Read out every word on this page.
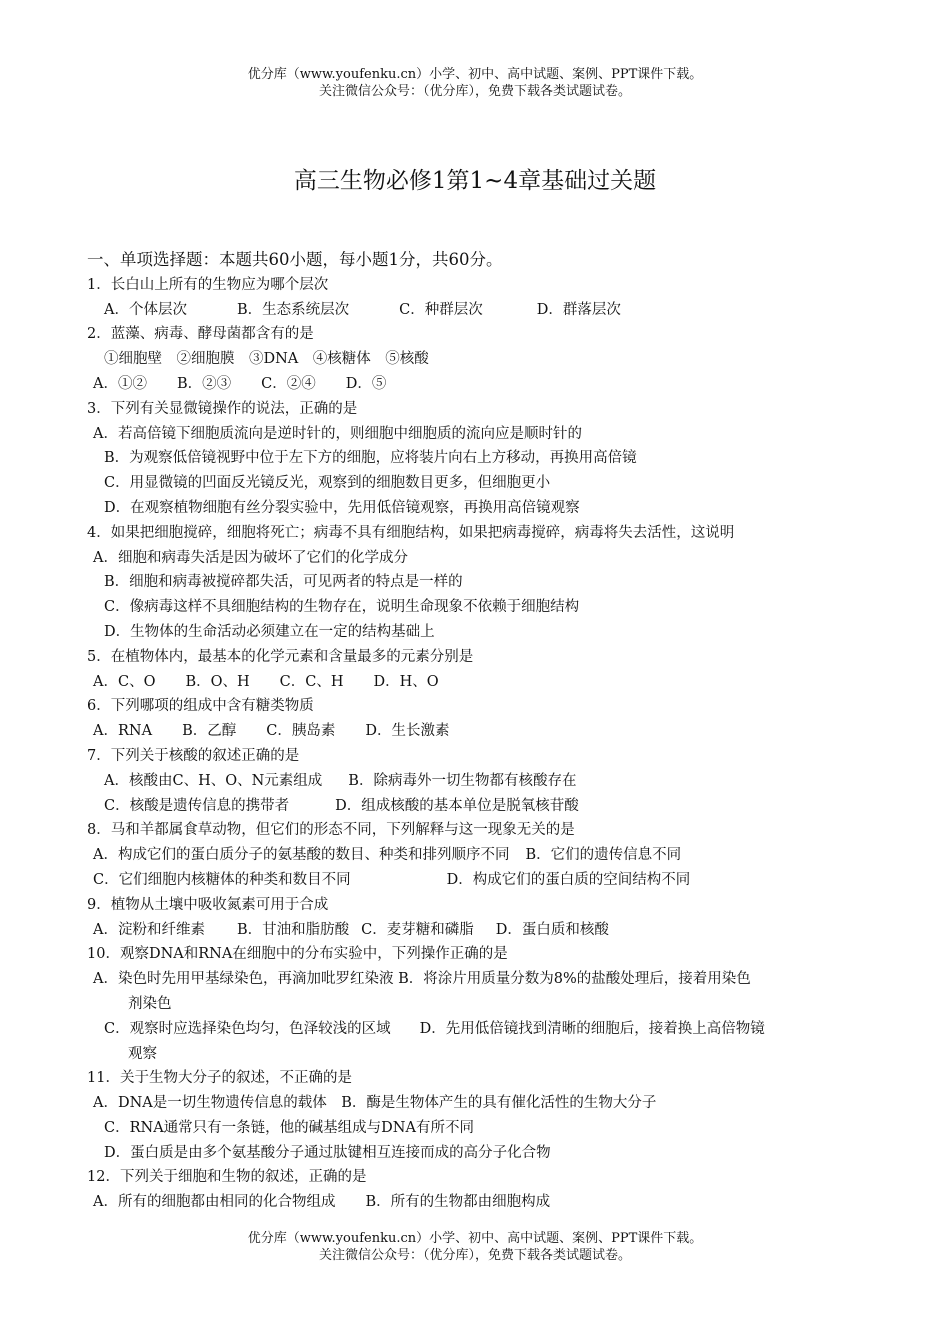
优分库（www.youfenku.cn）小学、初中、高中试题、案例、PPT课件下载。
关注微信公众号：（优分库），免费下载各类试题试卷。
高三生物必修1第1~4章基础过关题
一、单项选择题：本题共60小题，每小题1分，共60分。
1．长白山上所有的生物应为哪个层次
A．个体层次	B．生态系统层次	C．种群层次	D．群落层次
2．蓝藻、病毒、酵母菌都含有的是
①细胞壁　②细胞膜　③DNA　④核糖体　⑤核酸
A．①② B．②③ C．②④ D．⑤
3．下列有关显微镜操作的说法，正确的是
A．若高倍镜下细胞质流向是逆时针的，则细胞中细胞质的流向应是顺时针的
B．为观察低倍镜视野中位于左下方的细胞，应将装片向右上方移动，再换用高倍镜
C．用显微镜的凹面反光镜反光，观察到的细胞数目更多，但细胞更小
D．在观察植物细胞有丝分裂实验中，先用低倍镜观察，再换用高倍镜观察
4．如果把细胞搅碎，细胞将死亡；病毒不具有细胞结构，如果把病毒搅碎，病毒将失去活性，这说明
A．细胞和病毒失活是因为破坏了它们的化学成分
B．细胞和病毒被搅碎都失活，可见两者的特点是一样的
C．像病毒这样不具细胞结构的生物存在，说明生命现象不依赖于细胞结构
D．生物体的生命活动必须建立在一定的结构基础上
5．在植物体内，最基本的化学元素和含量最多的元素分别是
A．C、O B．O、H C．C、H D．H、O
6．下列哪项的组成中含有糖类物质
A．RNA B．乙醇 C．胰岛素 D．生长激素
7．下列关于核酸的叙述正确的是
A．核酸由C、H、O、N元素组成 B．除病毒外一切生物都有核酸存在
C．核酸是遗传信息的携带者	D．组成核酸的基本单位是脱氧核苷酸
8．马和羊都属食草动物，但它们的形态不同，下列解释与这一现象无关的是
A．构成它们的蛋白质分子的氨基酸的数目、种类和排列顺序不同 B．它们的遗传信息不同
C．它们细胞内核糖体的种类和数目不同	D．构成它们的蛋白质的空间结构不同
9．植物从土壤中吸收氮素可用于合成
A．淀粉和纤维素 B．甘油和脂肪酸 C．麦芽糖和磷脂 D．蛋白质和核酸
10．观察DNA和RNA在细胞中的分布实验中，下列操作正确的是
A．染色时先用甲基绿染色，再滴加吡罗红染液 B．将涂片用质量分数为8%的盐酸处理后，接着用染色
剂染色
C．观察时应选择染色均匀，色泽较浅的区域　　D．先用低倍镜找到清晰的细胞后，接着换上高倍物镜
观察
11．关于生物大分子的叙述，不正确的是
A．DNA是一切生物遗传信息的载体　B．酶是生物体产生的具有催化活性的生物大分子
C．RNA通常只有一条链，他的碱基组成与DNA有所不同
D．蛋白质是由多个氨基酸分子通过肽键相互连接而成的高分子化合物
12．下列关于细胞和生物的叙述，正确的是
A．所有的细胞都由相同的化合物组成 B．所有的生物都由细胞构成
优分库（www.youfenku.cn）小学、初中、高中试题、案例、PPT课件下载。
关注微信公众号：（优分库），免费下载各类试题试卷。
